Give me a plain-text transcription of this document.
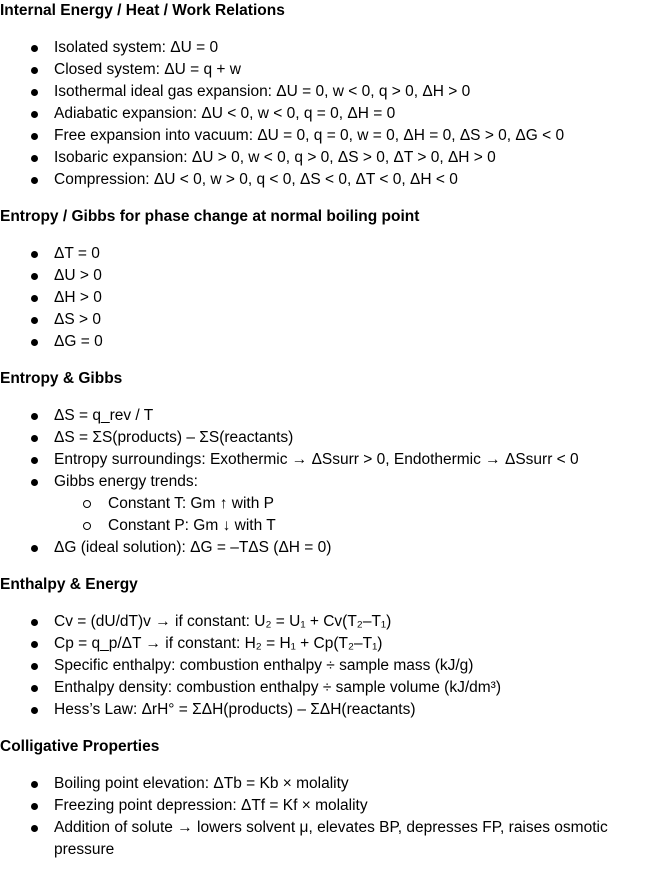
Internal Energy / Heat / Work Relations
Isolated system: ΔU = 0
Closed system: ΔU = q + w
Isothermal ideal gas expansion: ΔU = 0, w < 0, q > 0, ΔH > 0
Adiabatic expansion: ΔU < 0, w < 0, q = 0, ΔH = 0
Free expansion into vacuum: ΔU = 0, q = 0, w = 0, ΔH = 0, ΔS > 0, ΔG < 0
Isobaric expansion: ΔU > 0, w < 0, q > 0, ΔS > 0, ΔT > 0, ΔH > 0
Compression: ΔU < 0, w > 0, q < 0, ΔS < 0, ΔT < 0, ΔH < 0
Entropy / Gibbs for phase change at normal boiling point
ΔT = 0
ΔU > 0
ΔH > 0
ΔS > 0
ΔG = 0
Entropy & Gibbs
ΔS = q_rev / T
ΔS = ΣS(products) – ΣS(reactants)
Entropy surroundings: Exothermic → ΔSsurr > 0, Endothermic → ΔSsurr < 0
Gibbs energy trends:
Constant T: Gm ↑ with P
Constant P: Gm ↓ with T
ΔG (ideal solution): ΔG = –TΔS (ΔH = 0)
Enthalpy & Energy
Cv = (dU/dT)v → if constant: U₂ = U₁ + Cv(T₂–T₁)
Cp = q_p/ΔT → if constant: H₂ = H₁ + Cp(T₂–T₁)
Specific enthalpy: combustion enthalpy ÷ sample mass (kJ/g)
Enthalpy density: combustion enthalpy ÷ sample volume (kJ/dm³)
Hess’s Law: ΔrH° = ΣΔH(products) – ΣΔH(reactants)
Colligative Properties
Boiling point elevation: ΔTb = Kb × molality
Freezing point depression: ΔTf = Kf × molality
Addition of solute → lowers solvent μ, elevates BP, depresses FP, raises osmotic pressure
